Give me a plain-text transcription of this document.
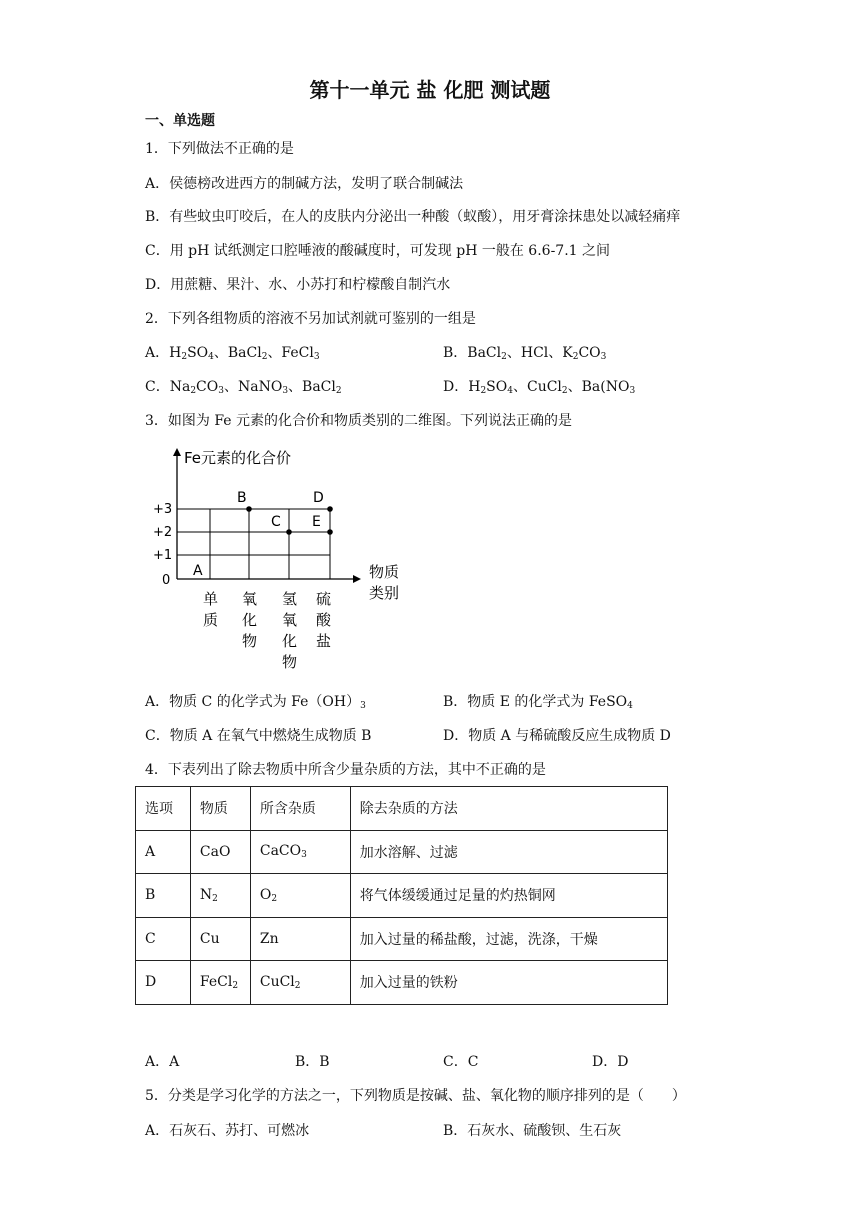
第十一单元 盐 化肥 测试题
一、单选题
1．下列做法不正确的是
A．侯德榜改进西方的制碱方法，发明了联合制碱法
B．有些蚊虫叮咬后，在人的皮肤内分泌出一种酸（蚁酸），用牙膏涂抹患处以减轻痛痒
C．用 pH 试纸测定口腔唾液的酸碱度时，可发现 pH 一般在 6.6-7.1 之间
D．用蔗糖、果汁、水、小苏打和柠檬酸自制汽水
2．下列各组物质的溶液不另加试剂就可鉴别的一组是
A．$H_2SO_4$、BaCl$_2$、FeCl$_3$	B．BaCl$_2$、HCl、$K_2CO_3$
C．$Na_2CO_3$、NaNO$_3$、BaCl$_2$	D．$H_2SO_4$、CuCl$_2$、$Ba(NO_3$
3．如图为 Fe 元素的化合价和物质类别的二维图。下列说法正确的是
Fe元素的化合价
+3
+2
+1
0	物质
类别
A
B
C
D
E
单
质
氧
化
物
氢
氧
化
物
硫
酸
盐
A．物质 C 的化学式为 $Fe(OH)_3$	B．物质 E 的化学式为 FeSO$_4$
C．物质 A 在氧气中燃烧生成物质 B	D．物质 A 与稀硫酸反应生成物质 D
4．下表列出了除去物质中所含少量杂质的方法，其中不正确的是
选项	物质	所含杂质	除去杂质的方法
A	CaO	CaCO$_3$	加水溶解、过滤
B	$N_2$	$O_2$	将气体缓缓通过足量的灼热铜网
C	Cu	Zn	加入过量的稀盐酸，过滤，洗涤，干燥
D	FeCl$_2$	CuCl$_2$	加入过量的铁粉
A．A	B．B	C．C	D．D
5．分类是学习化学的方法之一，下列物质是按碱、盐、氧化物的顺序排列的是（　　）
A．石灰石、苏打、可燃冰	B．石灰水、硫酸钡、生石灰
